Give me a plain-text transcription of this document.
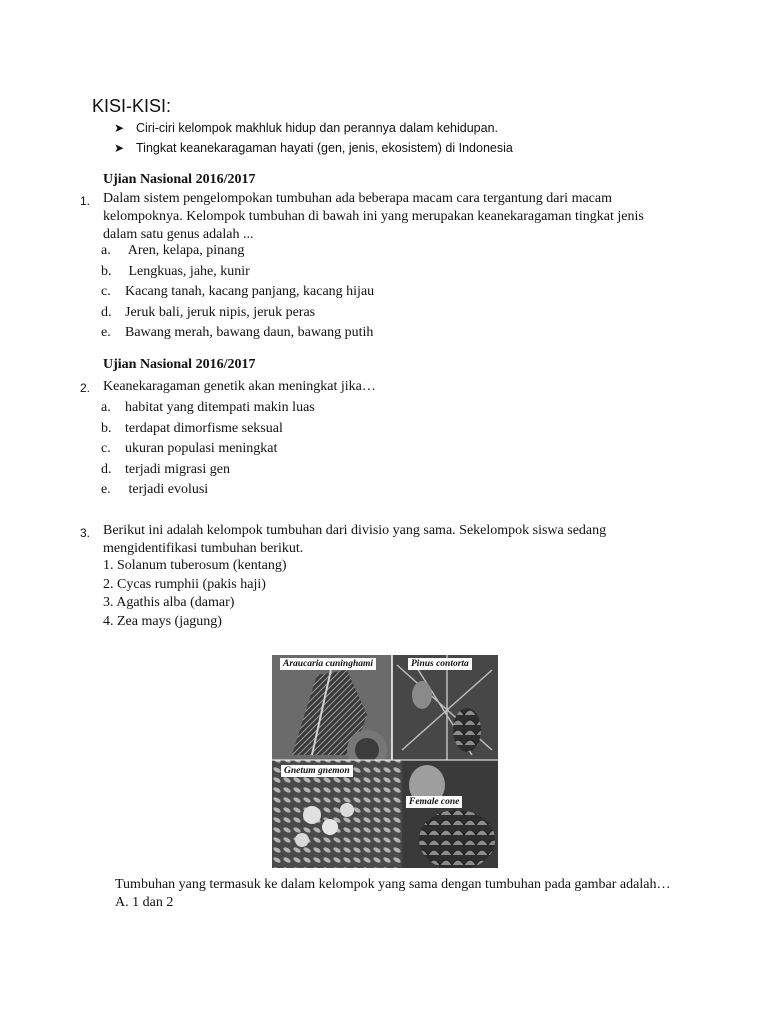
KISI-KISI:
➤ Ciri-ciri kelompok makhluk hidup dan perannya dalam kehidupan.
➤ Tingkat keanekaragaman hayati (gen, jenis, ekosistem) di Indonesia
Ujian Nasional 2016/2017
1. Dalam sistem pengelompokan tumbuhan ada beberapa macam cara tergantung dari macam kelompoknya. Kelompok tumbuhan di bawah ini yang merupakan keanekaragaman tingkat jenis dalam satu genus adalah ...
a. Aren, kelapa, pinang
b. Lengkuas, jahe, kunir
c. Kacang tanah, kacang panjang, kacang hijau
d. Jeruk bali, jeruk nipis, jeruk peras
e. Bawang merah, bawang daun, bawang putih
Ujian Nasional 2016/2017
2. Keanekaragaman genetik akan meningkat jika…
a. habitat yang ditempati makin luas
b. terdapat dimorfisme seksual
c. ukuran populasi meningkat
d. terjadi migrasi gen
e. terjadi evolusi
3. Berikut ini adalah kelompok tumbuhan dari divisio yang sama. Sekelompok siswa sedang mengidentifikasi tumbuhan berikut.
1. Solanum tuberosum (kentang)
2. Cycas rumphii (pakis haji)
3. Agathis alba (damar)
4. Zea mays (jagung)
Araucaria cuninghami	Pinus contorta
Gnetum gnemon
Female cone
Tumbuhan yang termasuk ke dalam kelompok yang sama dengan tumbuhan pada gambar adalah…
A. 1 dan 2
